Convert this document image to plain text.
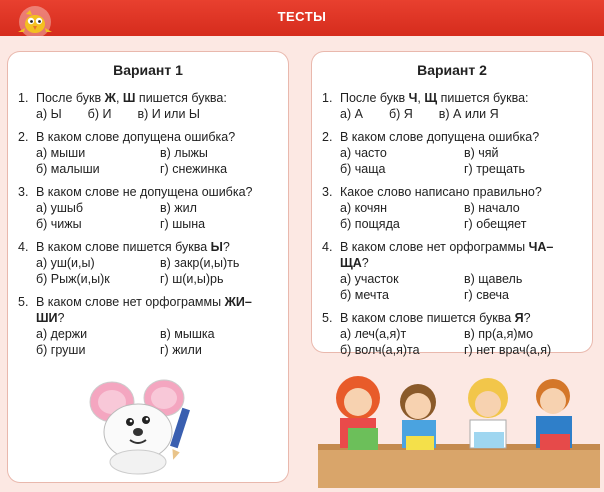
ТЕСТЫ
Вариант 1
1. После букв Ж, Ш пишется буква:
а) Ы б) И в) И или Ы
2. В каком слове допущена ошибка?
а) мыши	в) лыжы
б) малыши	г) снежинка
3. В каком слове не допущена ошибка?
а) ушыб	в) жил
б) чижы	г) шына
4. В каком слове пишется буква Ы?
а) уш(и,ы)	в) закр(и,ы)ть
б) Рыж(и,ы)к	г) ш(и,ы)рь
5. В каком слове нет орфограммы ЖИ–ШИ?
а) держи	в) мышка
б) груши	г) жили
Вариант 2
1. После букв Ч, Щ пишется буква:
а) А б) Я в) А или Я
2. В каком слове допущена ошибка?
а) часто	в) чяй
б) чаща	г) трещать
3. Какое слово написано правильно?
а) кочян	в) начало
б) пощяда	г) обещяет
4. В каком слове нет орфограммы ЧА–ЩА?
а) участок	в) щавель
б) мечта	г) свеча
5. В каком слове пишется буква Я?
а) леч(а,я)т	в) пр(а,я)мо
б) волч(а,я)та	г) нет врач(а,я)
